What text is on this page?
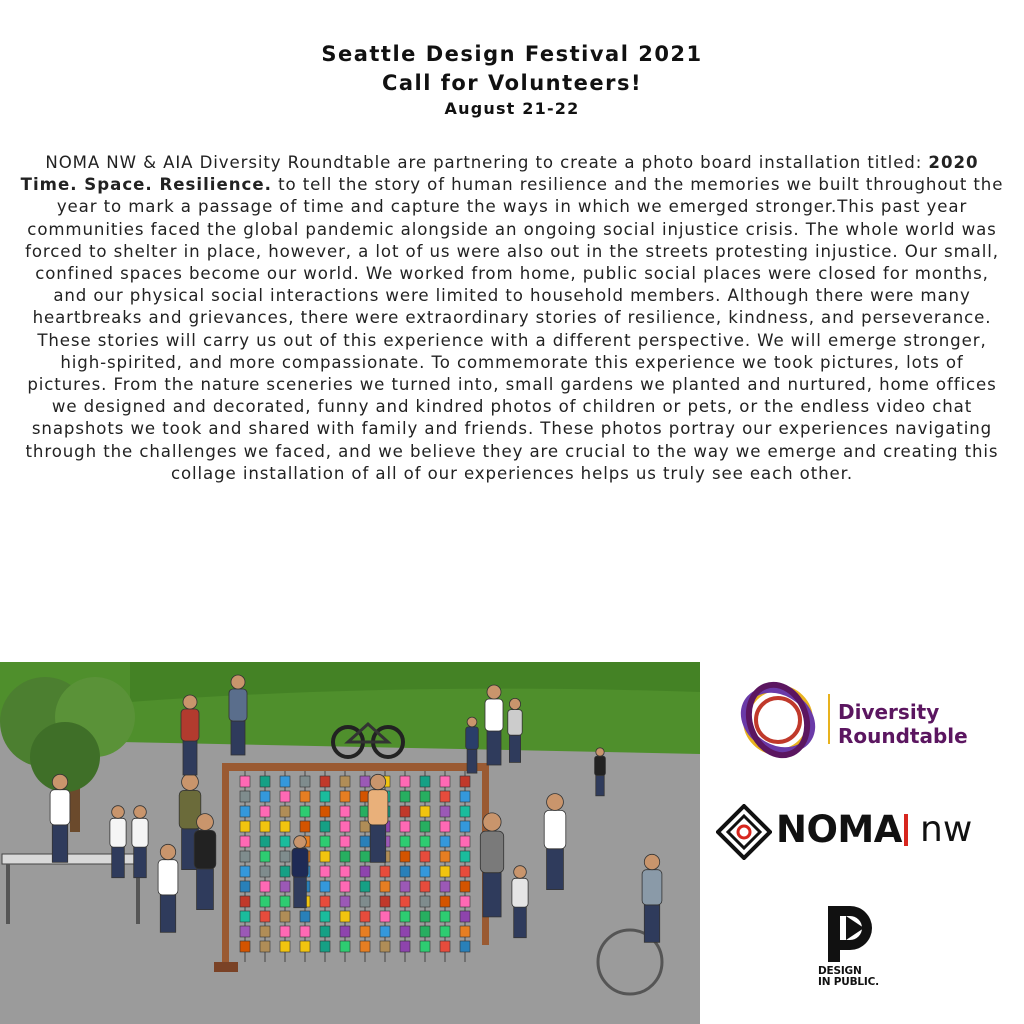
Seattle Design Festival 2021
Call for Volunteers!
August 21-22
NOMA NW & AIA Diversity Roundtable are partnering to create a photo board installation titled: 2020 Time. Space. Resilience. to tell the story of human resilience and the memories we built throughout the year to mark a passage of time and capture the ways in which we emerged stronger.This past year communities faced the global pandemic alongside an ongoing social injustice crisis. The whole world was forced to shelter in place, however, a lot of us were also out in the streets protesting injustice. Our small, confined spaces become our world. We worked from home, public social places were closed for months, and our physical social interactions were limited to household members. Although there were many heartbreaks and grievances, there were extraordinary stories of resilience, kindness, and perseverance. These stories will carry us out of this experience with a different perspective. We will emerge stronger, high-spirited, and more compassionate. To commemorate this experience we took pictures, lots of pictures. From the nature sceneries we turned into, small gardens we planted and nurtured, home offices we designed and decorated, funny and kindred photos of children or pets, or the endless video chat snapshots we took and shared with family and friends. These photos portray our experiences navigating through the challenges we faced, and we believe they are crucial to the way we emerge and creating this collage installation of all of our experiences helps us truly see each other.
Diversity
Roundtable
NOMA nw
DESIGN
IN PUBLIC.
